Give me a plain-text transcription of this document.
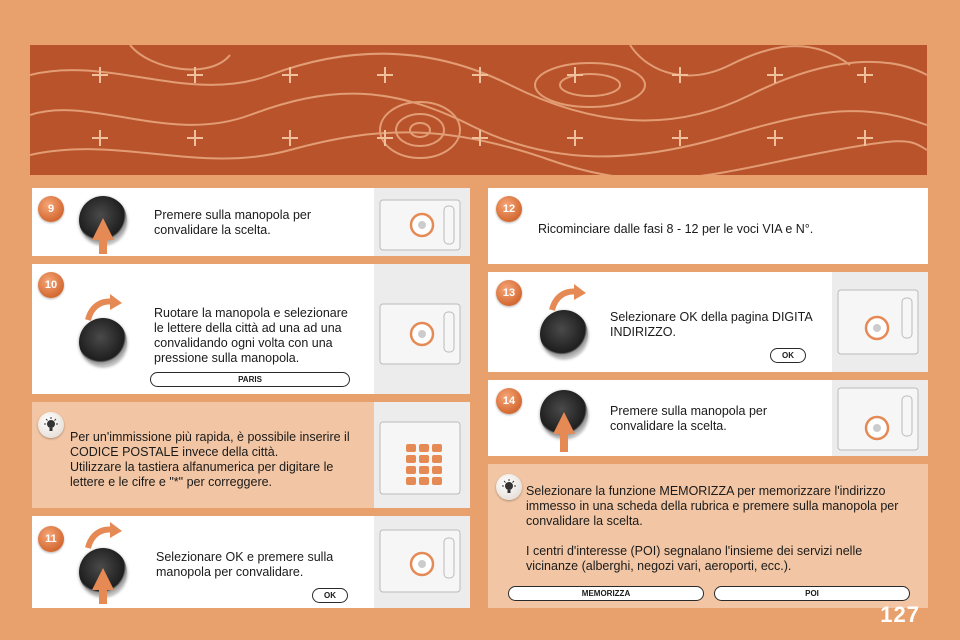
9	Premere sulla manopola per
convalidare la scelta.
10
Ruotare la manopola e selezionare
le lettere della città ad una ad una
convalidando ogni volta con una
pressione sulla manopola.
PARIS
Per un'immissione più rapida, è possibile inserire il
CODICE POSTALE invece della città.
Utilizzare la tastiera alfanumerica per digitare le
lettere e le cifre e "*" per correggere.
11
Selezionare OK e premere sulla
manopola per convalidare.
OK
12
Ricominciare dalle fasi 8 - 12 per le voci VIA e N°.
13
Selezionare OK della pagina DIGITA
INDIRIZZO.
OK
14
Premere sulla manopola per
convalidare la scelta.
Selezionare la funzione MEMORIZZA per memorizzare l'indirizzo
immesso in una scheda della rubrica e premere sulla manopola per
convalidare la scelta.

I centri d'interesse (POI) segnalano l'insieme dei servizi nelle
vicinanze (alberghi, negozi vari, aeroporti, ecc.).
MEMORIZZA	POI
127
